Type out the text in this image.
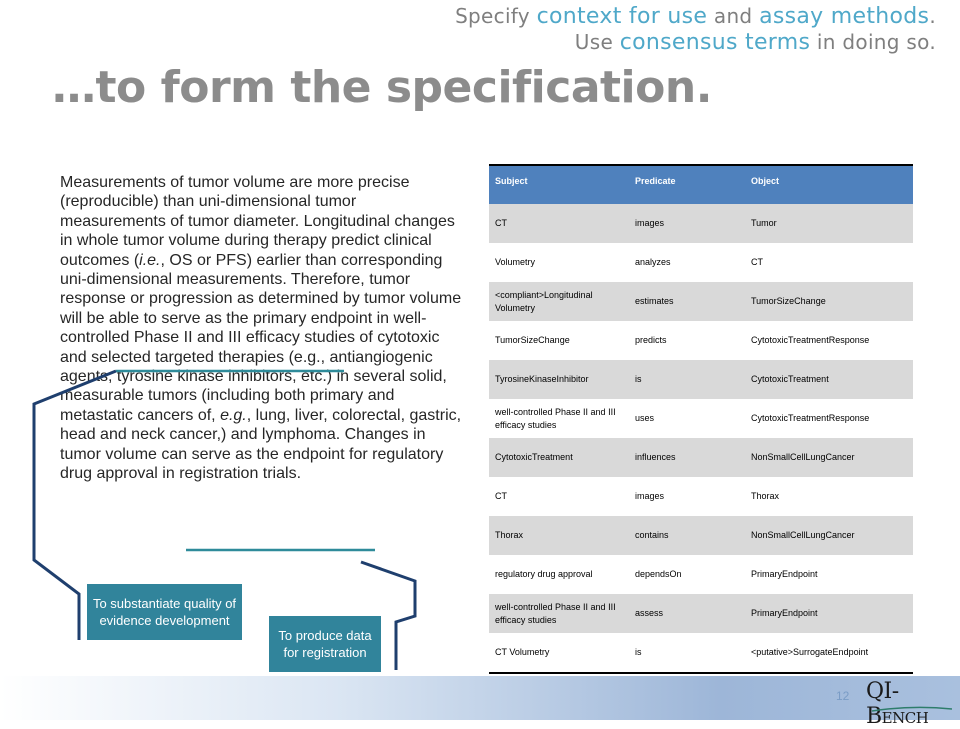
Specify context for use and assay methods.
Use consensus terms in doing so.
…to form the specification.

Measurements of tumor volume are more precise (reproducible) than uni-dimensional tumor measurements of tumor diameter. Longitudinal changes in whole tumor volume during therapy predict clinical outcomes (i.e., OS or PFS) earlier than corresponding uni-dimensional measurements. Therefore, tumor response or progression as determined by tumor volume will be able to serve as the primary endpoint in well-controlled Phase II and III efficacy studies of cytotoxic and selected targeted therapies (e.g., antiangiogenic agents, tyrosine kinase inhibitors, etc.) in several solid, measurable tumors (including both primary and metastatic cancers of, e.g., lung, liver, colorectal, gastric, head and neck cancer,) and lymphoma. Changes in tumor volume can serve as the endpoint for regulatory drug approval in registration trials.

To substantiate quality of evidence development
To produce data for registration
Subject	Predicate	Object
CT	images	Tumor
Volumetry	analyzes	CT
<compliant>Longitudinal Volumetry	estimates	TumorSizeChange
TumorSizeChange	predicts	CytotoxicTreatmentResponse
TyrosineKinaseInhibitor	is	CytotoxicTreatment
well-controlled Phase II and III efficacy studies	uses	CytotoxicTreatmentResponse
CytotoxicTreatment	influences	NonSmallCellLungCancer
CT	images	Thorax
Thorax	contains	NonSmallCellLungCancer
regulatory drug approval	dependsOn	PrimaryEndpoint
well-controlled Phase II and III efficacy studies	assess	PrimaryEndpoint
CT Volumetry	is	<putative>SurrogateEndpoint
12 QI-BENCH
